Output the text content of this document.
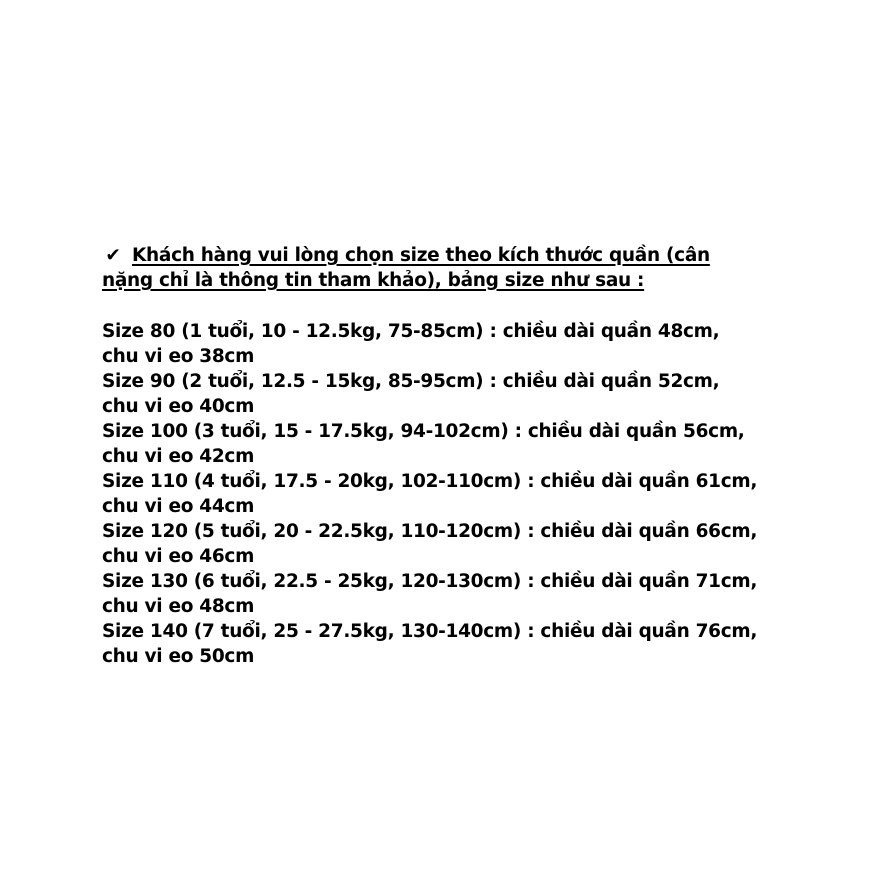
✔ Khách hàng vui lòng chọn size theo kích thước quần (cân
nặng chỉ là thông tin tham khảo), bảng size như sau :

Size 80 (1 tuổi, 10 - 12.5kg, 75-85cm) : chiều dài quần 48cm,
chu vi eo 38cm
Size 90 (2 tuổi, 12.5 - 15kg, 85-95cm) : chiều dài quần 52cm,
chu vi eo 40cm
Size 100 (3 tuổi, 15 - 17.5kg, 94-102cm) : chiều dài quần 56cm,
chu vi eo 42cm
Size 110 (4 tuổi, 17.5 - 20kg, 102-110cm) : chiều dài quần 61cm,
chu vi eo 44cm
Size 120 (5 tuổi, 20 - 22.5kg, 110-120cm) : chiều dài quần 66cm,
chu vi eo 46cm
Size 130 (6 tuổi, 22.5 - 25kg, 120-130cm) : chiều dài quần 71cm,
chu vi eo 48cm
Size 140 (7 tuổi, 25 - 27.5kg, 130-140cm) : chiều dài quần 76cm,
chu vi eo 50cm
